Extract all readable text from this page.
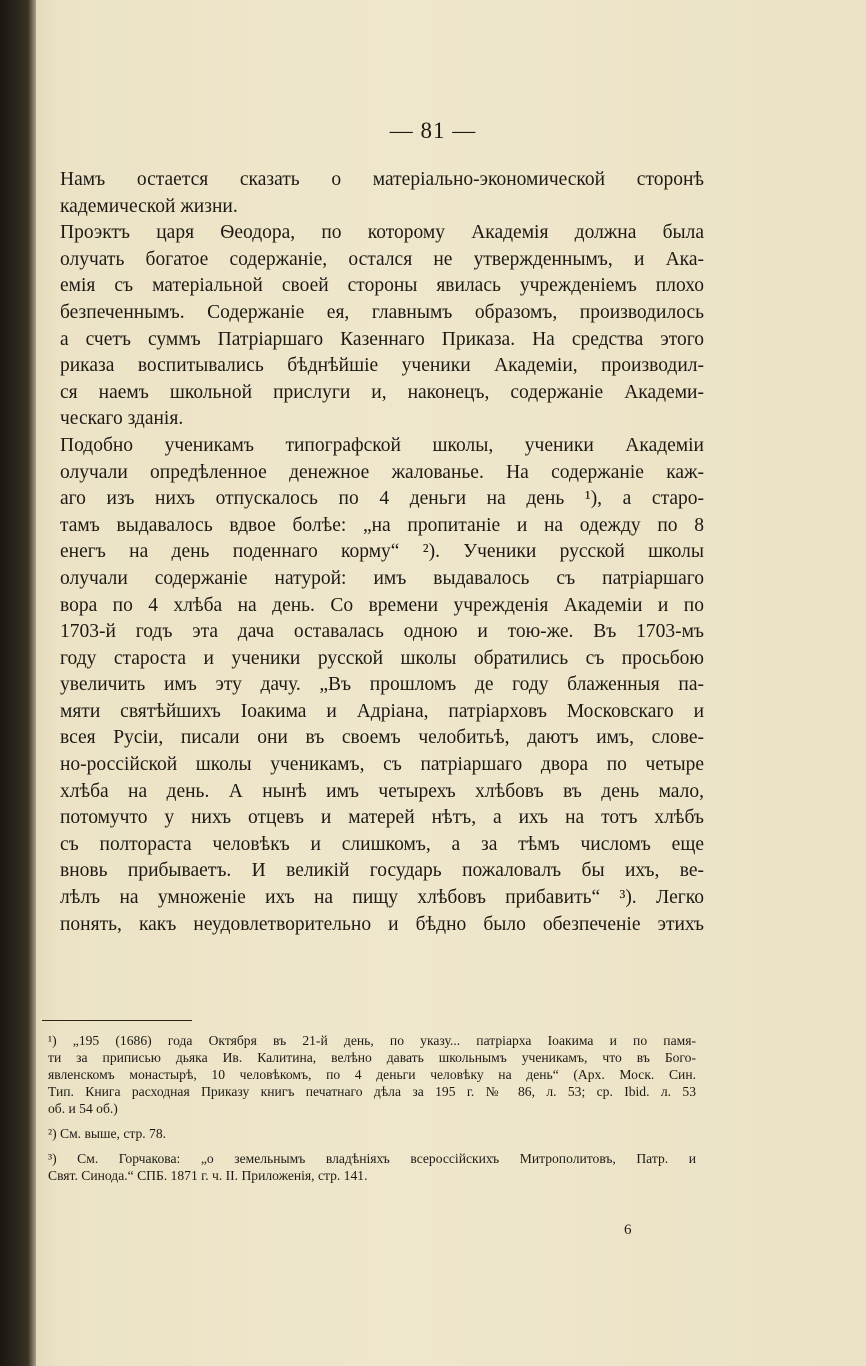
— 81 —
Намъ остается сказать о матеріально-экономической сторонѣ
кадемической жизни.
Проэктъ царя Ѳеодора, по которому Академія должна была
олучать богатое содержаніе, остался не утвержденнымъ, и Ака-
емія съ матеріальной своей стороны явилась учрежденіемъ плохо
безпеченнымъ. Содержаніе ея, главнымъ образомъ, производилось
а счетъ суммъ Патріаршаго Казеннаго Приказа. На средства этого
риказа воспитывались бѣднѣйшіе ученики Академіи, производил-
ся наемъ школьной прислуги и, наконецъ, содержаніе Академи-
ческаго зданія.
Подобно ученикамъ типографской школы, ученики Академіи
олучали опредѣленное денежное жалованье. На содержаніе каж-
аго изъ нихъ отпускалось по 4 деньги на день ¹), а старо-
тамъ выдавалось вдвое болѣе: „на пропитаніе и на одежду по 8
енегъ на день поденнаго корму“ ²). Ученики русской школы
олучали содержаніе натурой: имъ выдавалось съ патріаршаго
вора по 4 хлѣба на день. Со времени учрежденія Академіи и по
1703-й годъ эта дача оставалась одною и тою-же. Въ 1703-мъ
году староста и ученики русской школы обратились съ просьбою
увеличить имъ эту дачу. „Въ прошломъ де году блаженныя па-
мяти святѣйшихъ Іоакима и Адріана, патріарховъ Московскаго и
всея Русіи, писали они въ своемъ челобитьѣ, даютъ имъ, слове-
но-россійской школы ученикамъ, съ патріаршаго двора по четыре
хлѣба на день. А нынѣ имъ четырехъ хлѣбовъ въ день мало,
потомучто у нихъ отцевъ и матерей нѣтъ, а ихъ на тотъ хлѣбъ
съ полтораста человѣкъ и слишкомъ, а за тѣмъ числомъ еще
вновь прибываетъ. И великій государь пожаловалъ бы ихъ, ве-
лѣлъ на умноженіе ихъ на пищу хлѣбовъ прибавить“ ³). Легко
понять, какъ неудовлетворительно и бѣдно было обезпеченіе этихъ
¹) „195 (1686) года Октября въ 21-й день, по указу... патріарха Іоакима и по памя-
ти за приписью дьяка Ив. Калитина, велѣно давать школьнымъ ученикамъ, что въ Бого-
явленскомъ монастырѣ, 10 человѣкомъ, по 4 деньги человѣку на день“ (Арх. Моск. Син.
Тип. Книга расходная Приказу книгъ печатнаго дѣла за 195 г. № 86, л. 53; ср. Ibid. л. 53
об. и 54 об.)
²) См. выше, стр. 78.
³) См. Горчакова: „о земельнымъ владѣніяхъ всероссійскихъ Митрополитовъ, Патр. и
Свят. Синода.“ СПБ. 1871 г. ч. II. Приложенія, стр. 141.
6
